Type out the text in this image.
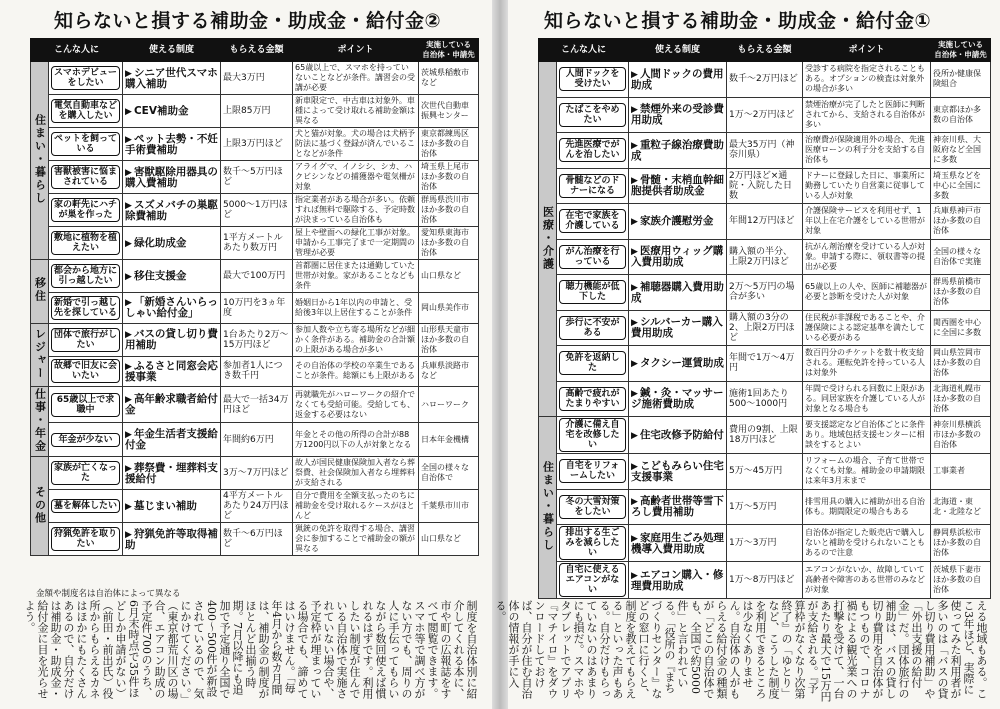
知らないと損する補助金・助成金・給付金②
こんな人に		使える制度	もらえる金額	ポイント	実施している
自治体・申請先
住まい・暮らし	スマホデビューをしたい	▶ シニア世代スマホ購入補助	最大3万円	65歳以上で、スマホを持っていないことなどが条件。講習会の受講が必要	茨城県稲敷市など

	電気自動車などを購入したい	▶ CEV補助金	上限85万円	新車限定で、中古車は対象外。車種によって受け取れる補助金額は異なる	次世代自動車振興センター

	ペットを飼っている	▶ ペット去勢・不妊手術費補助	上限3万円ほど	犬と猫が対象。犬の場合は犬柄予防法に基づく登録が済んでいることなどが条件	東京都練馬区ほか多数の自治体

	害獣被害に悩まされている	▶ 害獣駆除用器具の購入費補助	数千～5万円ほど	アライグマ、イノシシ、シカ、ハクビシンなどの捕獲器や電気柵が対象	埼玉県上尾市ほか多数の自治体

	家の軒先にハチが巣を作った	▶ スズメバチの巣駆除費補助	5000～1万円ほど	指定業者がある場合が多い。依頼すれば無料で駆除する、予定時数が決まっている自治体も	群馬県渋川市ほか多数の自治体

	敷地に植物を植えたい	▶ 緑化助成金	1平方メートルあたり数万円	屋上や壁面への緑化工事が対象。申請から工事完了まで一定期間の管理が必要	愛知県東海市ほか多数の自治体
移住	都会から地方に引っ越したい	▶ 移住支援金	最大で100万円	首都圏に居住または通勤していた世帯が対象。家があることなども条件	山口県など

	新婚で引っ越し先を探している	▶ 「新婚さんいらっしゃい給付金」	10万円を3ヵ年度	婚姻日から1年以内の申請と、受給後3年以上居住することが条件	岡山県美作市
レジャー	団体で旅行がしたい	▶ バスの貸し切り費用補助	1台あたり2万～15万円ほど	参加人数や立ち寄る場所などが細かく条件がある。補助金の合計額の上限がある場合が多い	山形県天童市ほか多数の自治体

	故郷で旧友に会いたい	▶ ふるさと同窓会応援事業	参加者1人につき数千円	その自治体の学校の卒業生であることが条件。総額にも上限がある	兵庫県淡路市など
仕事・年金	65歳以上で求職中	▶ 高年齢求職者給付金	最大で一括34万円ほど	再就職先がハローワークの紹介でなくても受給可能。受給しても、返金する必要はない	ハローワーク

	年金が少ない	▶ 年金生活者支援給付金	年間約6万円	年金とその他の所得の合計が88万1200円以下の人が対象となる	日本年金機構
その他	家族が亡くなった	▶ 葬祭費・埋葬料支援給付	3万～7万円ほど	故人が国民健康保険加入者なら葬祭費、社会保険加入者なら埋葬料が支給される	全国の様々な自治体で

	墓を解体したい	▶ 墓じまい補助	4平方メートルあたり24万円ほど	自分で費用を全額支払ったのちに補助金を受け取れるケースがほとんど	千葉県市川市

	狩猟免許を取りたい	▶ 狩猟免許等取得補助	数千～6万円ほど	猟銃の免許を取得する場合、講習会に参加することで補助金の額が異なる	山口県など
金額や制度名は自治体によって異なる
制度を自治体別に紹介してくれる本に、市や町の広報誌をすべて閲覧できます。スマホ等で調べ方がない方でも、周りの人に手伝ってもらいながら数回使えば慣れるはずです。利用したい制度が住んでいる自治体で実施されていない場合や、予定枠が埋まっている場合でも、諦めてはいけません。「毎年4月から数カ月間は、補助金の制度がほとんど出揃う時期。7月以降にも追加で予定通り全国で400～500件が新設されているので、気にかけてください。」（東京都荒川区の場合、エアコン助成の予定件700のうち、6月末時点で35件ほどしか申請がない）（前田・前出氏）役所からもらえるカネはほかにもたくさんあるので、自分だけは補助金・助成金・給付金に目を光らせよう。
知らないと損する補助金・助成金・給付金①
こんな人に		使える制度	もらえる金額	ポイント	実施している
自治体・申請先
医療・介護	人間ドックを受けたい	▶ 人間ドックの費用助成	数千～2万円ほど	受診する病院を指定されることもある。オプションの検査は対象外の場合が多い	役所か健康保険組合

	たばこをやめたい	▶ 禁煙外来の受診費用助成	1万～2万円ほど	禁煙治療が完了したと医師に判断されてから、支給される自治体が多い	東京都ほか多数の自治体

	先進医療でがんを治したい	▶ 重粒子線治療費助成	最大35万円（神奈川県）	治療費が保険適用外の場合、先進医療ローンの利子分を支給する自治体も	神奈川県、大阪府など全国に多数

	骨髄などのドナーになる	▶ 骨髄・末梢血幹細胞提供者助成金	2万円ほど×通院・入院した日数	ドナーに登録した日に、事業所に勤務していたり自営業に従事している人が対象	埼玉県などを中心に全国に多数

	在宅で家族を介護している	▶ 家族介護慰労金	年間12万円ほど	介護保険サービスを利用せず、1年以上在宅介護をしている世帯が対象	兵庫県神戸市ほか多数の自治体

	がん治療を行っている	▶ 医療用ウィッグ購入費用助成	購入額の半分、上限2万円ほど	抗がん剤治療を受けている人が対象。申請する際に、領収書等の提出が必要	全国の様々な自治体で実施

	聴力機能が低下した	▶ 補聴器購入費用助成	2万～5万円の場合が多い	65歳以上の人や、医師に補聴器が必要と診断を受けた人が対象	群馬県前橋市ほか多数の自治体

	歩行に不安がある	▶ シルバーカー購入費用助成	購入額の3分の2、上限2万円ほど	住民税が非課税であることや、介護保険による認定基準を満たしている必要がある	関西圏を中心に全国に多数

	免許を返納した	▶ タクシー運賃助成	年間で1万～4万円	数百円分のチケットを数十枚支給される。運転免許を持っている人は対象外	岡山県笠岡市ほか多数の自治体

	高齢で疲れがたまりやすい	▶ 鍼・灸・マッサージ施術費助成	施術1回あたり500～1000円	年間で受けられる回数に上限がある。同居家族を介護している人が対象となる場合も	北海道札幌市ほか多数の自治体
住まい・暮らし	介護に備え自宅を改修したい	▶ 住宅改修予防給付	費用の9割、上限18万円ほど	要支援認定など自治体ごとに条件あり。地域包括支援センターに相談をするとよい	神奈川県横浜市ほか多数の自治体

	自宅をリフォームしたい	▶ こどもみらい住宅支援事業	5万～45万円	リフォームの場合、子育て世帯でなくても対象。補助金の申請期限は来年3月末まで	工事業者

	冬の大雪対策をしたい	▶ 高齢者世帯等雪下ろし費用補助	1万～5万円	排雪用具の購入に補助が出る自治体も。期間限定の場合もある	北海道・東北・北陸など

	排出する生ごみを減らしたい	▶ 家庭用生ごみ処理機導入費用助成	1万～3万円	自治体が指定した販売店で購入しないと補助を受けられないこともあるので注意	静岡県浜松市ほか多数の自治体

	自宅に使えるエアコンがない	▶ エアコン購入・修理費用助成	1万～8万円ほど	エアコンがないか、故障していて高齢者や障害のある世帯のみなどが対象	茨城県下妻市ほか多数の自治体
える地域もある。ここ3年ほど、実際に使ってみた利用者が多いのは「バスの貸し切り費用補助」や「外出支援の給付金」だ。団体旅行の補助は、バスの貸し切り費用を自治体がもつもので、コロナ禍による観光業への打撃を受けて、一台あたり最大で15万円が支給される。『予算枠がなくなり次第終了』の「ゆとり」など、こうした制度を利用できるところは少なくありません。自治体の人がもらえる給付金の種類が「どこの自治体でも、全国で約5000件」と言われている。「役所の『まちづくりセンター』などの窓口に行くと、制度を教えてもらえる」といった声もある。自分だけもらっていないのはあまりにも損だ。スマホやタブレットでアプリ『マチイロ』をダウンロードしておけば、自分が住む自治体の情報が手に入る。
